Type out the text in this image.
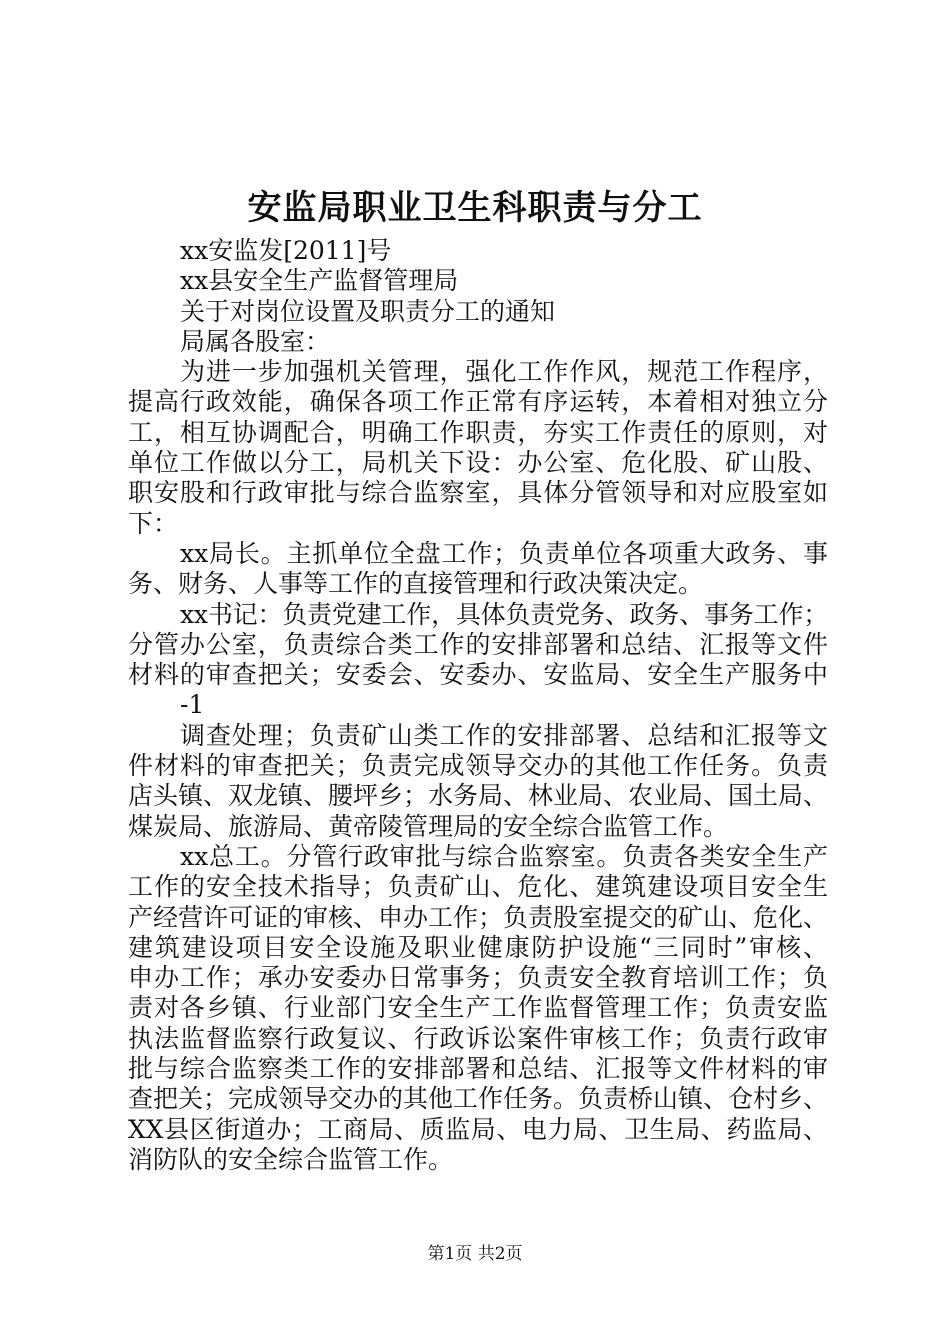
安监局职业卫生科职责与分工
xx安监发[2011]号
xx县安全生产监督管理局
关于对岗位设置及职责分工的通知
局属各股室：
为进一步加强机关管理，强化工作作风，规范工作程序，
提高行政效能，确保各项工作正常有序运转，本着相对独立分
工，相互协调配合，明确工作职责，夯实工作责任的原则，对
单位工作做以分工，局机关下设：办公室、危化股、矿山股、
职安股和行政审批与综合监察室，具体分管领导和对应股室如
下：
xx局长。主抓单位全盘工作；负责单位各项重大政务、事
务、财务、人事等工作的直接管理和行政决策决定。
xx书记：负责党建工作，具体负责党务、政务、事务工作；
分管办公室，负责综合类工作的安排部署和总结、汇报等文件
材料的审查把关；安委会、安委办、安监局、安全生产服务中
-1
调查处理；负责矿山类工作的安排部署、总结和汇报等文
件材料的审查把关；负责完成领导交办的其他工作任务。负责
店头镇、双龙镇、腰坪乡；水务局、林业局、农业局、国土局、
煤炭局、旅游局、黄帝陵管理局的安全综合监管工作。
xx总工。分管行政审批与综合监察室。负责各类安全生产
工作的安全技术指导；负责矿山、危化、建筑建设项目安全生
产经营许可证的审核、申办工作；负责股室提交的矿山、危化、
建筑建设项目安全设施及职业健康防护设施“三同时”审核、
申办工作；承办安委办日常事务；负责安全教育培训工作；负
责对各乡镇、行业部门安全生产工作监督管理工作；负责安监
执法监督监察行政复议、行政诉讼案件审核工作；负责行政审
批与综合监察类工作的安排部署和总结、汇报等文件材料的审
查把关；完成领导交办的其他工作任务。负责桥山镇、仓村乡、
XX县区街道办；工商局、质监局、电力局、卫生局、药监局、
消防队的安全综合监管工作。
第1页 共2页
